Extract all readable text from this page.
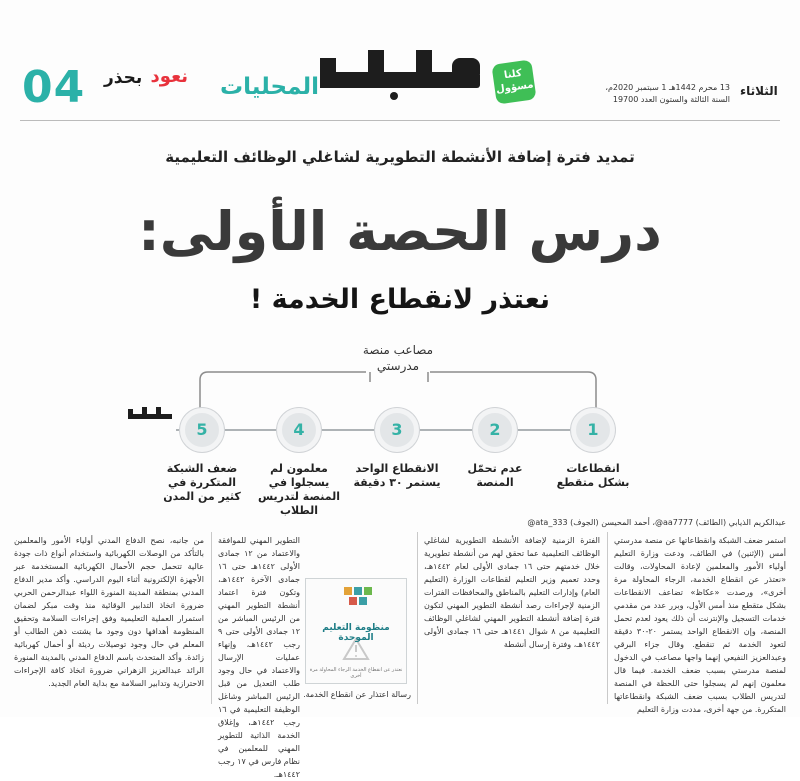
04	نعود
بحذر	المحليات	كلنا مسؤول	13 محرم 1442هـ 1 سبتمبر 2020م،
السنة الثالثة والستون العدد 19700
الثلاثاء
تمديد فترة إضافة الأنشطة التطويرية لشاغلي الوظائف التعليمية
درس الحصة الأولى:
نعتذر لانقطاع الخدمة !
مصاعب منصة مدرستي
1
2
3
4
5
انقطاعات بشكل متقطع
عدم تحمّل المنصة
الانقطاع الواحد يستمر ٣٠ دقيقة
معلمون لم يسجلوا في المنصة لتدريس الطلاب
ضعف الشبكة المتكررة في كثير من المدن
عبدالكريم الذيابي (الطائف) aa7777@، أحمد المحيسن (الجوف) ata_333@
استمر ضعف الشبكة وانقطاعاتها عن منصة مدرستي أمس (الإثنين) في الطائف، ودعت وزارة التعليم أولياء الأمور والمعلمين لإعادة المحاولات، وقالت «نعتذر عن انقطاع الخدمة، الرجاء المحاولة مرة أخرى»، ورصدت «عكاظ» تضاعف الانقطاعات بشكل متقطع منذ أمس الأول، وبرر عدد من مقدمي خدمات التسجيل والإنترنت أن ذلك يعود لعدم تحمل المنصة، وإن الانقطاع الواحد يستمر ٢٠-٣٠ دقيقة لتعود الخدمة ثم تنقطع. وقال جزاء البرقي وعبدالعزيز النفيعي إنهما واجها مصاعب في الدخول لمنصة مدرستي بسبب ضعف الخدمة. فيما قال معلمون إنهم لم يسجلوا حتى اللحظة في المنصة لتدريس الطلاب بسبب ضعف الشبكة وانقطاعاتها المتكررة. من جهة أخرى، مددت وزارة التعليم
الفترة الزمنية لإضافة الأنشطة التطويرية لشاغلي الوظائف التعليمية عما تحقق لهم من أنشطة تطويرية خلال خدمتهم حتى ١٦ جمادى الأولى لعام ١٤٤٢هـ، وحدد تعميم وزير التعليم لقطاعات الوزارة (التعليم العام) وإدارات التعليم بالمناطق والمحافظات الفترات الزمنية لإجراءات رصد أنشطة التطوير المهني لتكون فترة إضافة أنشطة التطوير المهني لشاغلي الوظائف التعليمية من ٨ شوال ١٤٤١هـ حتى ١٦ جمادى الأولى ١٤٤٢هـ، وفترة إرسال أنشطة
التطوير المهني للموافقة والاعتماد من ١٢ جمادى الأولى ١٤٤٢هـ حتى ١٦ جمادى الآخرة ١٤٤٢هـ، وتكون فترة اعتماد أنشطة التطوير المهني من الرئيس المباشر من ١٢ جمادى الأولى حتى ٩ رجب ١٤٤٢هـ، وإنهاء عمليات الإرسال والاعتماد في حال وجود طلب التعديل من قبل الرئيس المباشر وشاغل الوظيفة التعليمية في ١٦ رجب ١٤٤٢هـ، وإغلاق الخدمة الذاتية للتطوير المهني للمعلمين في نظام فارس في ١٧ رجب ١٤٤٢هـ.
من جانبه، نصح الدفاع المدني أولياء الأمور والمعلمين بالتأكد من الوصلات الكهربائية واستخدام أنواع ذات جودة عالية تتحمل حجم الأحمال الكهربائية المستخدمة عبر الأجهزة الإلكترونية أثناء اليوم الدراسي. وأكد مدير الدفاع المدني بمنطقة المدينة المنورة اللواء عبدالرحمن الحربي ضرورة اتخاذ التدابير الوقائية منذ وقت مبكر لضمان استمرار العملية التعليمية وفق إجراءات السلامة وتحقيق المنظومة أهدافها دون وجود ما يشتت ذهن الطالب أو المعلم في حال وجود توصيلات رديئة أو أحمال كهربائية زائدة. وأكد المتحدث باسم الدفاع المدني بالمدينة المنورة الرائد عبدالعزيز الزهراني ضرورة اتخاذ كافة الإجراءات الاحترازية وتدابير السلامة مع بداية العام الجديد.
منظومة التعليم الموحدة
نعتذر عن انقطاع الخدمة الرجاء المحاولة مرة أخرى
رسالة اعتذار عن انقطاع الخدمة.
